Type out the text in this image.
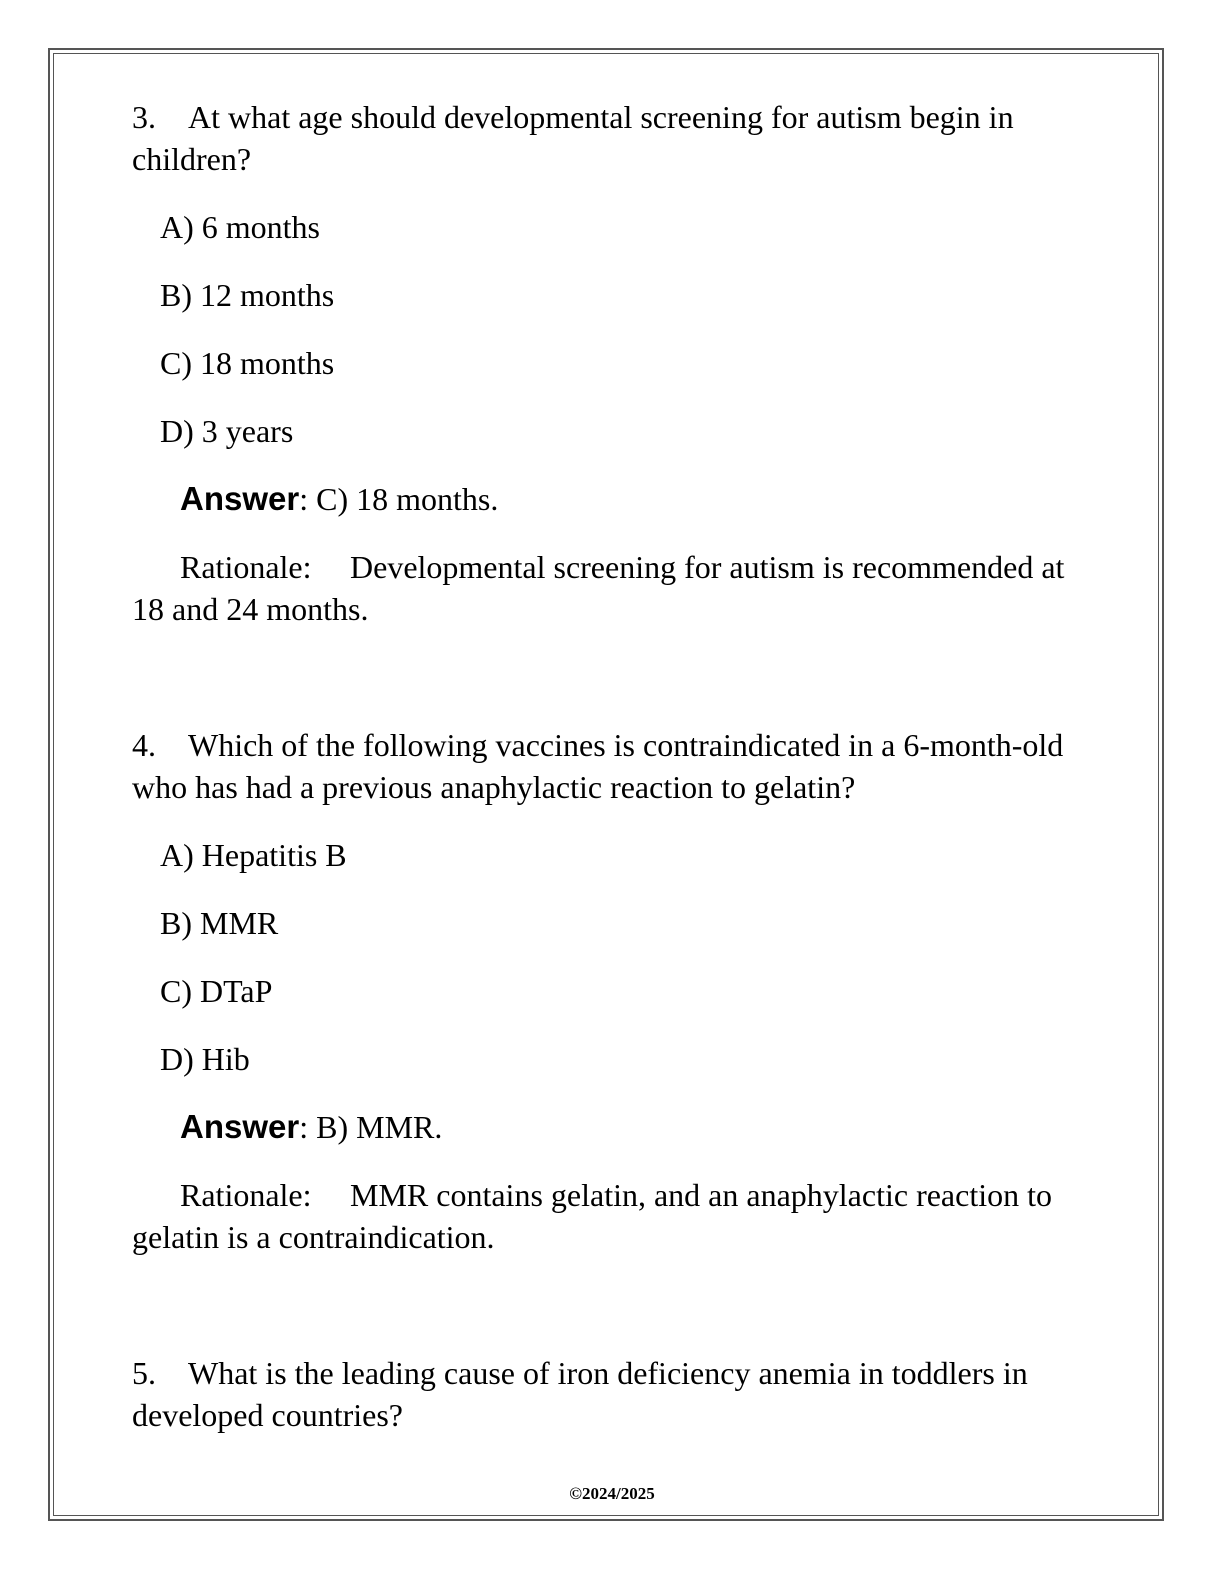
3. At what age should developmental screening for autism begin in children?

A) 6 months
B) 12 months
C) 18 months
D) 3 years
Answer: C) 18 months.
Rationale: Developmental screening for autism is recommended at 18 and 24 months.

4. Which of the following vaccines is contraindicated in a 6-month-old who has had a previous anaphylactic reaction to gelatin?

A) Hepatitis B
B) MMR
C) DTaP
D) Hib
Answer: B) MMR.
Rationale: MMR contains gelatin, and an anaphylactic reaction to gelatin is a contraindication.

5. What is the leading cause of iron deficiency anemia in toddlers in developed countries?

©2024/2025
